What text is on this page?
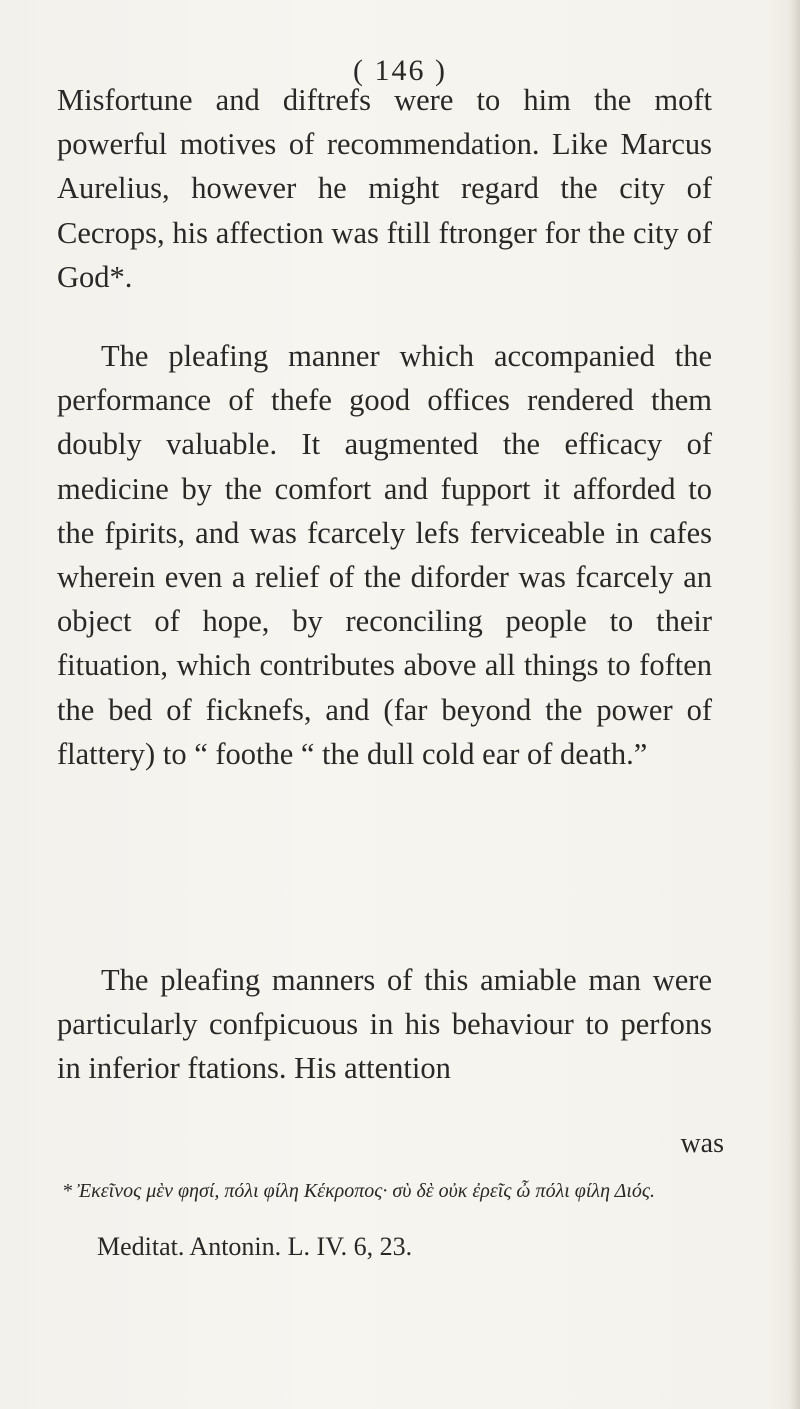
( 146 )

Misfortune and diftrefs were to him the moft powerful motives of recommendation. Like Marcus Aurelius, however he might regard the city of Cecrops, his affection was ftill ftronger for the city of God*.

The pleafing manner which accompanied the performance of thefe good offices rendered them doubly valuable. It augmented the efficacy of medicine by the comfort and fupport it afforded to the fpirits, and was fcarcely lefs ferviceable in cafes wherein even a relief of the diforder was fcarcely an object of hope, by reconciling people to their fituation, which contributes above all things to foften the bed of ficknefs, and (far beyond the power of flattery) to “ foothe “ the dull cold ear of death.”

The pleafing manners of this amiable man were particularly confpicuous in his behaviour to perfons in inferior ftations. His attention

was
* Ἐκεῖνος μὲν φησί, πόλι φίλη Κέκροπος· σὺ δὲ οὐκ ἐρεῖς ὦ πόλι φίλη Διός.
Meditat. Antonin. L. IV. 6, 23.
